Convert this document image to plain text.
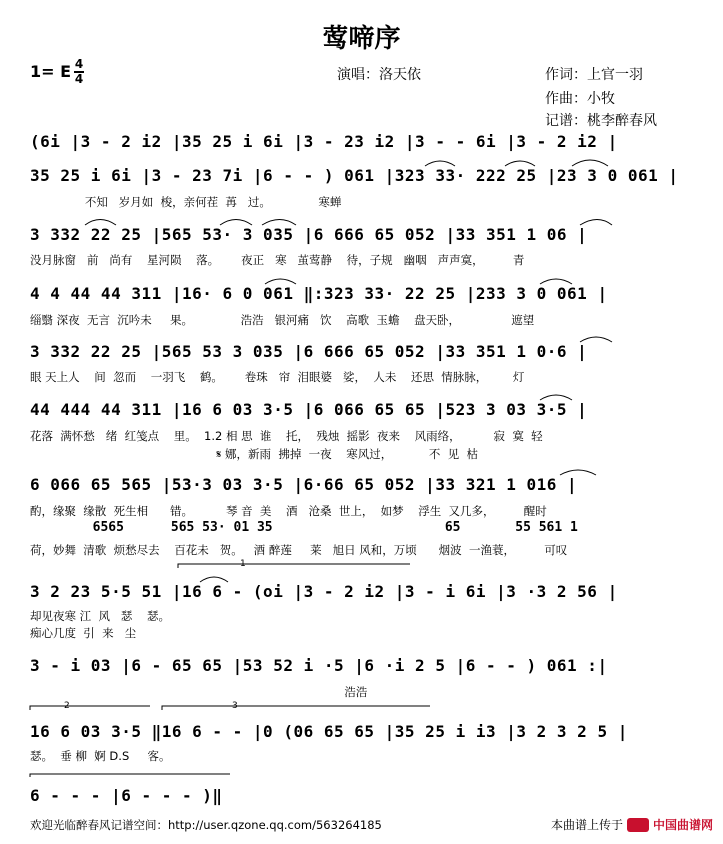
莺啼序
演唱：洛天依	作词：上官一羽
作曲：小牧
记谱：桃李醉春风
1= E 4
4
(6i |3 - 2 i2 |35 25 i 6i |3 - 23 i2 |3 - - 6i |3 - 2 i2 |
35 25 i 6i |3 - 23 7i |6 - - ) 061 |323 33· 222 25 |23 3 0 061 |
不知   岁月如  梭，亲何茬  苒   过。             寒蝉
3 332 22 25 |565 53· 3 035 |6 666 65 052 |33 351 1 06 |
没月脉窗   前   尚有    星河陨    落。      夜正   寒   茧莺静    待，子规   幽咽   声声寞，        青
4 4 44 44 311 |16· 6 0 061 ‖:323 33· 22 25 |233 3 0 061 |
缁翳 深夜  无言  沉吟未     果。             浩浩   银河痛   饮    高歌  玉蟾    盘天卧，              遮望
3 332 22 25 |565 53 3 035 |6 666 65 052 |33 351 1 0·6 |
眼 天上人    间  忽而    一羽飞    鹤。      卷珠   帘  泪眼婆   娑，  人未    还思  情脉脉，       灯
44 444 44 311 |16 6 03 3·5 |6 066 65 65 |523 3 03 3·5 |
花落  满怀愁   绪  红笺点    里。  1.2 相 思  谁    托，  残烛  摇影  夜来    风雨络，         寂  寞  轻
𝄋 娜，新雨  拂掉  一夜    寒风过，          不  见  枯
6 066 65 565 |53·3 03 3·5 |6·66 65 052 |33 321 1 016 |
酌，缘聚  缘散  死生相      错。         琴 音  美    酒   沧桑  世上，  如梦    浮生  又几多，        醒时
6565      565 53· 01 35                      65       55 561 1
荷，妙舞  清歌  烦愁尽去    百花未   贺。   酒 醉莲     莱   旭日 风和，万顷      烟波  一渔蓑，        可叹
3 2 23 5·5 51 |16 6 - (oi |3 - 2 i2 |3 - i 6i |3 ·3 2 56 |
却见夜寒 江  风   瑟    瑟。
痴心几度  引  来   尘
3 - i 03 |6 - 65 65 |53 52 i ·5 |6 ·i 2 5 |6 - - ) 061 :|
浩浩
16 6 03 3·5 ‖16 6 - - |0 (06 65 65 |35 25 i i3 |3 2 3 2 5 |
瑟。  垂 柳  婀 D.S     客。
6 - - - |6 - - - )‖
1
2	3
欢迎光临醉春风记谱空间：http://user.qzone.qq.com/563264185	本曲谱上传于	中国曲谱网
